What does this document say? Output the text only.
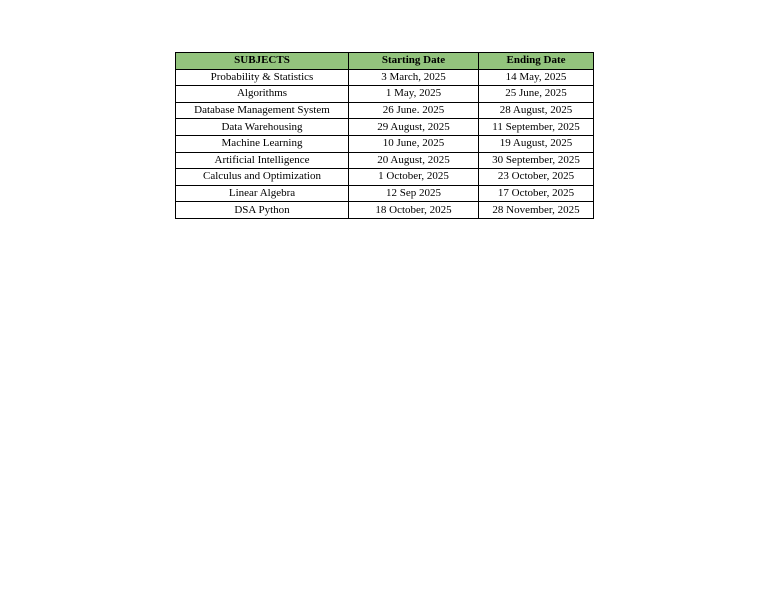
SUBJECTS	Starting Date	Ending Date
Probability & Statistics	3 March, 2025	14 May, 2025
Algorithms	1 May, 2025	25 June, 2025
Database Management System	26 June. 2025	28 August, 2025
Data Warehousing	29 August, 2025	11 September, 2025
Machine Learning	10 June, 2025	19 August, 2025
Artificial Intelligence	20 August, 2025	30 September, 2025
Calculus and Optimization	1 October, 2025	23 October, 2025
Linear Algebra	12 Sep 2025	17 October, 2025
DSA Python	18 October, 2025	28 November, 2025
